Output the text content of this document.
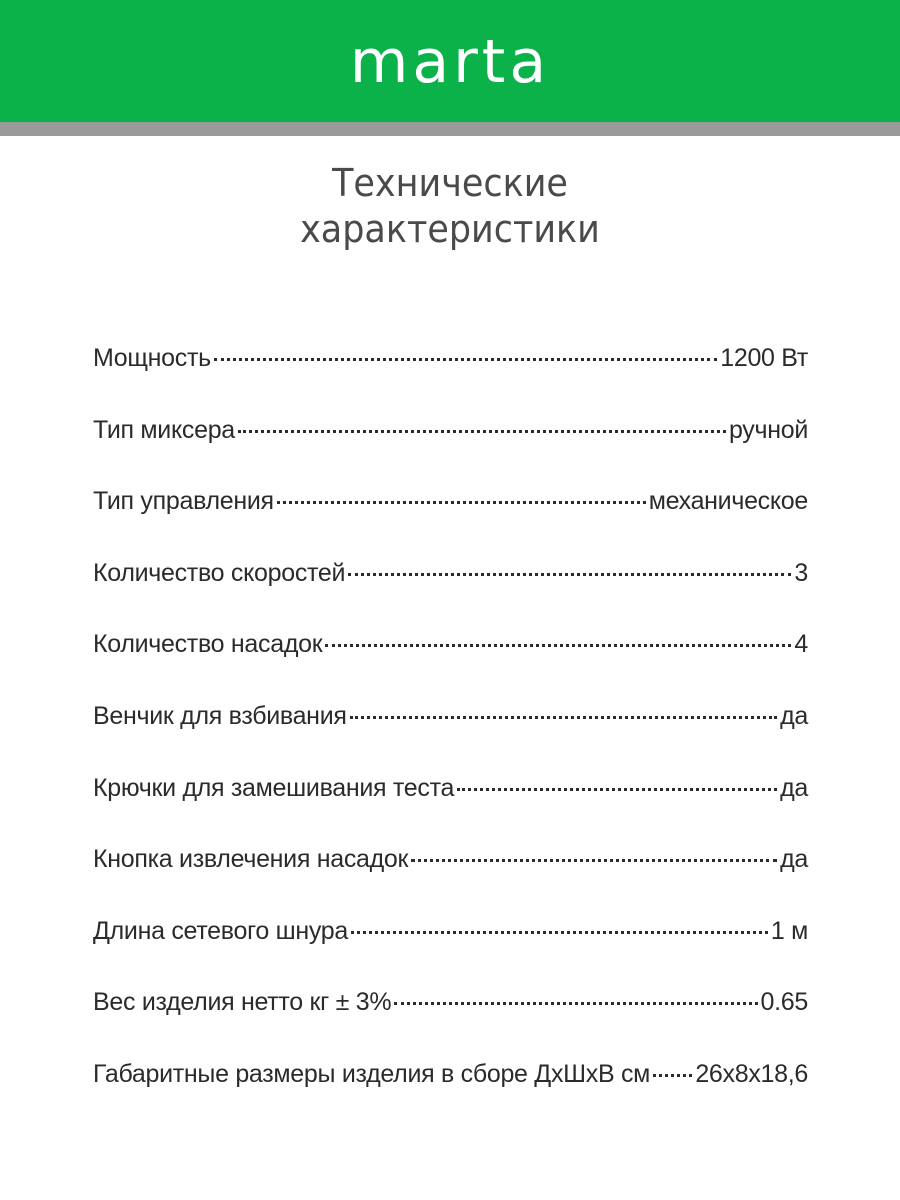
marta
Технические
характеристики
Мощность	1200 Вт
Тип миксера	ручной
Тип управления	механическое
Количество скоростей	3
Количество насадок	4
Венчик для взбивания	да
Крючки для замешивания теста	да
Кнопка извлечения насадок	да
Длина сетевого шнура	1 м
Вес изделия нетто кг ± 3%	0.65
Габаритные размеры изделия в сборе ДхШхВ см 26х8х18,6
